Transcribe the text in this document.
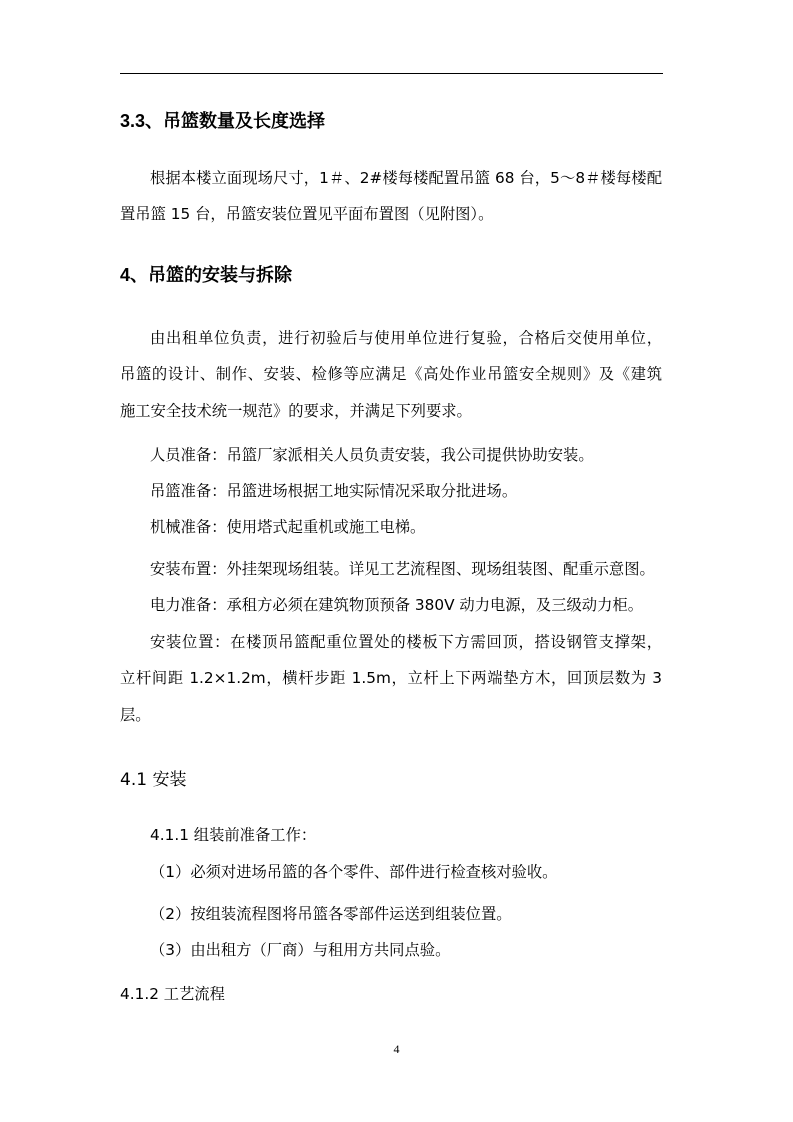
3.3、吊篮数量及长度选择
根据本楼立面现场尺寸，1＃、2#楼每楼配置吊篮 68 台，5～8＃楼每楼配
置吊篮 15 台，吊篮安装位置见平面布置图（见附图）。
4、吊篮的安装与拆除
由出租单位负责，进行初验后与使用单位进行复验，合格后交使用单位，
吊篮的设计、制作、安装、检修等应满足《高处作业吊篮安全规则》及《建筑
施工安全技术统一规范》的要求，并满足下列要求。
人员准备：吊篮厂家派相关人员负责安装，我公司提供协助安装。
吊篮准备：吊篮进场根据工地实际情况采取分批进场。
机械准备：使用塔式起重机或施工电梯。
安装布置：外挂架现场组装。详见工艺流程图、现场组装图、配重示意图。
电力准备：承租方必须在建筑物顶预备 380V 动力电源，及三级动力柜。
安装位置：在楼顶吊篮配重位置处的楼板下方需回顶，搭设钢管支撑架，
立杆间距 1.2×1.2m，横杆步距 1.5m，立杆上下两端垫方木，回顶层数为 3
层。
4.1 安装
4.1.1 组装前准备工作：
（1）必须对进场吊篮的各个零件、部件进行检查核对验收。
（2）按组装流程图将吊篮各零部件运送到组装位置。
（3）由出租方（厂商）与租用方共同点验。
4.1.2 工艺流程
4
